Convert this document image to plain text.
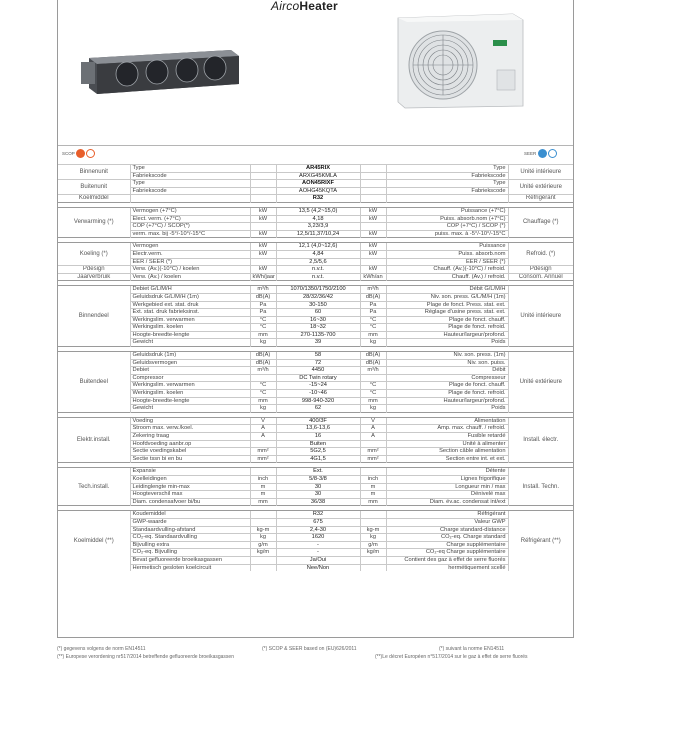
AircoHeater
SCOP	SEER
Binnenunit	Type		AR45RIX		Type	Unité intérieure
	Fabriekscode		ARXG45KMLA		Fabriekscode	
Buitenunit	Type		AON45RIXF		Type	Unité extérieure
	Fabriekscode		AOHG45KQTA		Fabriekscode	
Koelmiddel			R32			Réfrigérant

Verwarming (*)	Vermogen (+7°C)	kW	13,5 (4,2~15,0)	kW	Puissance (+7°C)	Chauffage (*)
	Elect. verm. (+7°C)	kW	4,18	kW	Puiss. absorb.nom (+7°C)	
	COP (+7°C) / SCOP(*)		3,23/3,9		COP (+7°C) / SCOP (*)	
	verm. max. bij -5°/-10°/-15°C	kW	12,5/11,37/10,24	kW	puiss. max. à -5°/-10°/-15°C	

Koeling (*)	Vermogen	kW	12,1 (4,0~12,6)	kW	Puissance	Refroid. (*)
	Electr.verm.	kW	4,84	kW	Puiss. absorb.nom	
	EER / SEER (*)		2,5/5,6		EER / SEER (*)	
Pdesign	Verw. (Av.)(-10°C) / koelen	kW	n.v.t.	kW	Chauff. (Av.)(-10°C) / refroid.	Pdesign
Jaarverbruik	Verw. (Av.) / koelen	kWh/jaar	n.v.t.	kWh/an	Chauff. (Av.) / refroid.	Consom. Annuel

Binnendeel	Debiet G/L/M/H	m³/h	1070/1350/1750/2100	m³/h	Débit G/L/M/H	Unité intérieure
	Geluidsdruk G/L/M/H (1m)	dB(A)	28/32/36/42	dB(A)	Niv. son. press. G/L/M/H (1m)	
	Werkgebied ext. stat. druk	Pa	30-150	Pa	Plage de fonct. Press. stat. ext.	
	Ext. stat. druk fabrieksinst.	Pa	60	Pa	Réglage d'usine press. stat. ext.	
	Werkingslim. verwarmen	°C	16~30	°C	Plage de fonct. chauff.	
	Werkingslim. koelen	°C	18~32	°C	Plage de fonct. refroid.	
	Hoogte-breedte-lengte	mm	270-1135-700	mm	Hauteur/largeur/profond.	
	Gewicht	kg	39	kg	Poids	

Buitendeel	Geluidsdruk (1m)	dB(A)	58	dB(A)	Niv. son. press. (1m)	Unité extérieure
	Geluidsvermogen	dB(A)	72	dB(A)	Niv. son. puiss.	
	Debiet	m³/h	4450	m³/h	Débit	
	Compressor		DC Twin rotary		Compresseur	
	Werkingslim. verwarmen	°C	-15~24	°C	Plage de fonct. chauff.	
	Werkingslim. koelen	°C	-10~46	°C	Plage de fonct. refroid.	
	Hoogte-breedte-lengte	mm	998-940-320	mm	Hauteur/largeur/profond.	
	Gewicht	kg	62	kg	Poids	

Elektr.install.	Voeding	V	400/3F	V	Alimentation	Install. électr.
	Stroom max. verw./koel.	A	13,6-13,6	A	Amp. max. chauff. / refroid.	
	Zekering traag	A	16	A	Fusible retardé	
	Hoofdvoeding aanbr.op		Buiten		Unité à alimenter	
	Sectie voedingskabel	mm²	5G2,5	mm²	Section câble alimentation	
	Sectie tssn bi en bu	mm²	4G1,5	mm²	Section entre int. et ext.	

Tech.install.	Expansie		Ext.		Détente	Install. Techn.
	Koelleidingen	inch	5/8-3/8	inch	Lignes frigorifique	
	Leidinglengte min-max	m	30	m	Longueur min / max	
	Hoogteverschil max	m	30	m	Dénivelé max	
	Diam. condensafvoer bi/bu	mm	36/38	mm	Diam. év.ac. condensat int/ext	

Koelmiddel (**)	Koudemiddel		R32		Réfrigérant	Réfrigérant (**)
	GWP-waarde		675		Valeur GWP	
	Standaardvulling-afstand	kg-m	2,4-30	kg-m	Charge standard-distance	
	CO₂-eq. Standaardvulling	kg	1620	kg	CO₂-eq. Charge standard	
	Bijvulling extra	g/m	-	g/m	Charge supplémentaire	
	CO₂-eq. Bijvulling	kg/m	-	kg/m	CO₂-eq Charge supplémentaire	
	Bevat gefluoreerde broeikasgassen		Ja/Oui		Contient des gaz à effet de serre fluorés	
	Hermetisch gesloten koelcircuit		Nee/Non		hermétiquement scellé	
(*) gegevens volgens de norm EN14511
(**) Europese verordening nr517/2014 betreffende gefluoreerde broeikasgassen
(*) SCOP & SEER based on (EU)626/2011	(*) suivant la norme EN14511
(**)Le décret Européen n°517/2014 sur le gaz à effet de serre fluorés
